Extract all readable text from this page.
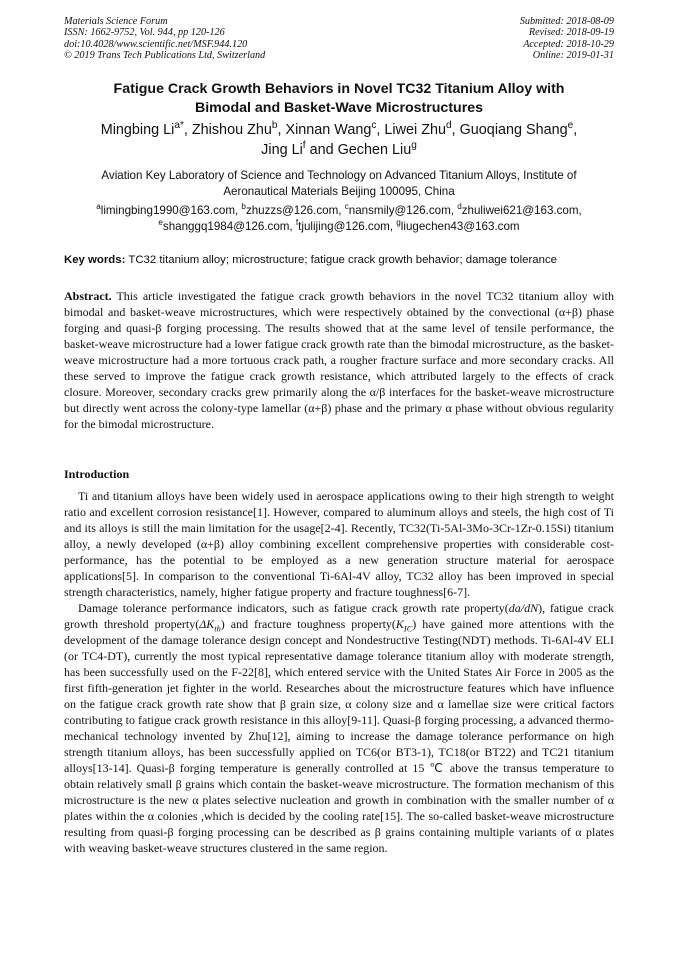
Materials Science Forum
ISSN: 1662-9752, Vol. 944, pp 120-126
doi:10.4028/www.scientific.net/MSF.944.120
© 2019 Trans Tech Publications Ltd, Switzerland
Submitted: 2018-08-09
Revised: 2018-09-19
Accepted: 2018-10-29
Online: 2019-01-31
Fatigue Crack Growth Behaviors in Novel TC32 Titanium Alloy with
Bimodal and Basket-Wave Microstructures
Mingbing $Li^{a*}$, Zhishou Zhu$^b$, Xinnan Wang$^c$, Liwei Zhu$^d$, Guoqiang Shang$^e$,
Jing Li$^f$ and Gechen Liu$^g$
Aviation Key Laboratory of Science and Technology on Advanced Titanium Alloys, Institute of
Aeronautical Materials Beijing 100095, China
$^a$limingbing1990@163.com, $^b$zhuzzs@126.com, $^c$nansmily@126.com, $^d$zhuliwei621@163.com,
$^e$shanggq1984@126.com, $^f$tjulijing@126.com, $^g$liugechen43@163.com
Key words: TC32 titanium alloy; microstructure; fatigue crack growth behavior; damage tolerance
Abstract. This article investigated the fatigue crack growth behaviors in the novel TC32 titanium alloy with bimodal and basket-weave microstructures, which were respectively obtained by the convectional (α+β) phase forging and quasi-β forging processing. The results showed that at the same level of tensile performance, the basket-weave microstructure had a lower fatigue crack growth rate than the bimodal microstructure, as the basket-weave microstructure had a more tortuous crack path, a rougher fracture surface and more secondary cracks. All these served to improve the fatigue crack growth resistance, which attributed largely to the effects of crack closure. Moreover, secondary cracks grew primarily along the α/β interfaces for the basket-weave microstructure but directly went across the colony-type lamellar (α+β) phase and the primary α phase without obvious regularity for the bimodal microstructure.
Introduction

Ti and titanium alloys have been widely used in aerospace applications owing to their high strength to weight ratio and excellent corrosion resistance[1]. However, compared to aluminum alloys and steels, the high cost of Ti and its alloys is still the main limitation for the usage[2-4]. Recently, TC32(Ti-5Al-3Mo-3Cr-1Zr-0.15Si) titanium alloy, a newly developed (α+β) alloy combining excellent comprehensive properties with considerable cost-performance, has the potential to be employed as a new generation structure material for aerospace applications[5]. In comparison to the conventional Ti-6Al-4V alloy, TC32 alloy has been improved in special strength characteristics, namely, higher fatigue property and fracture toughness[6-7].

Damage tolerance performance indicators, such as fatigue crack growth rate property(da/dN), fatigue crack growth threshold $property(\Delta K_{th})$ and fracture toughness $property(K_{IC})$ have gained more attentions with the development of the damage tolerance design concept and Nondestructive Testing(NDT) methods. Ti-6Al-4V ELI (or TC4-DT), currently the most typical representative damage tolerance titanium alloy with moderate strength, has been successfully used on the F-22[8], which entered service with the United States Air Force in 2005 as the first fifth-generation jet fighter in the world. Researches about the microstructure features which have influence on the fatigue crack growth rate show that β grain size, α colony size and α lamellae size were critical factors contributing to fatigue crack growth resistance in this alloy[9-11]. Quasi-β forging processing, a advanced thermo-mechanical technology invented by Zhu[12], aiming to increase the damage tolerance performance on high strength titanium alloys, has been successfully applied on TC6(or BT3-1), TC18(or BT22) and TC21 titanium alloys[13-14]. Quasi-β forging temperature is generally controlled at 15 ℃ above the transus temperature to obtain relatively small β grains which contain the basket-weave microstructure. The formation mechanism of this microstructure is the new α plates selective nucleation and growth in combination with the smaller number of α plates within the α colonies ,which is decided by the cooling rate[15]. The so-called basket-weave microstructure resulting from quasi-β forging processing can be described as β grains containing multiple variants of α plates with weaving basket-weave structures clustered in the same region.
